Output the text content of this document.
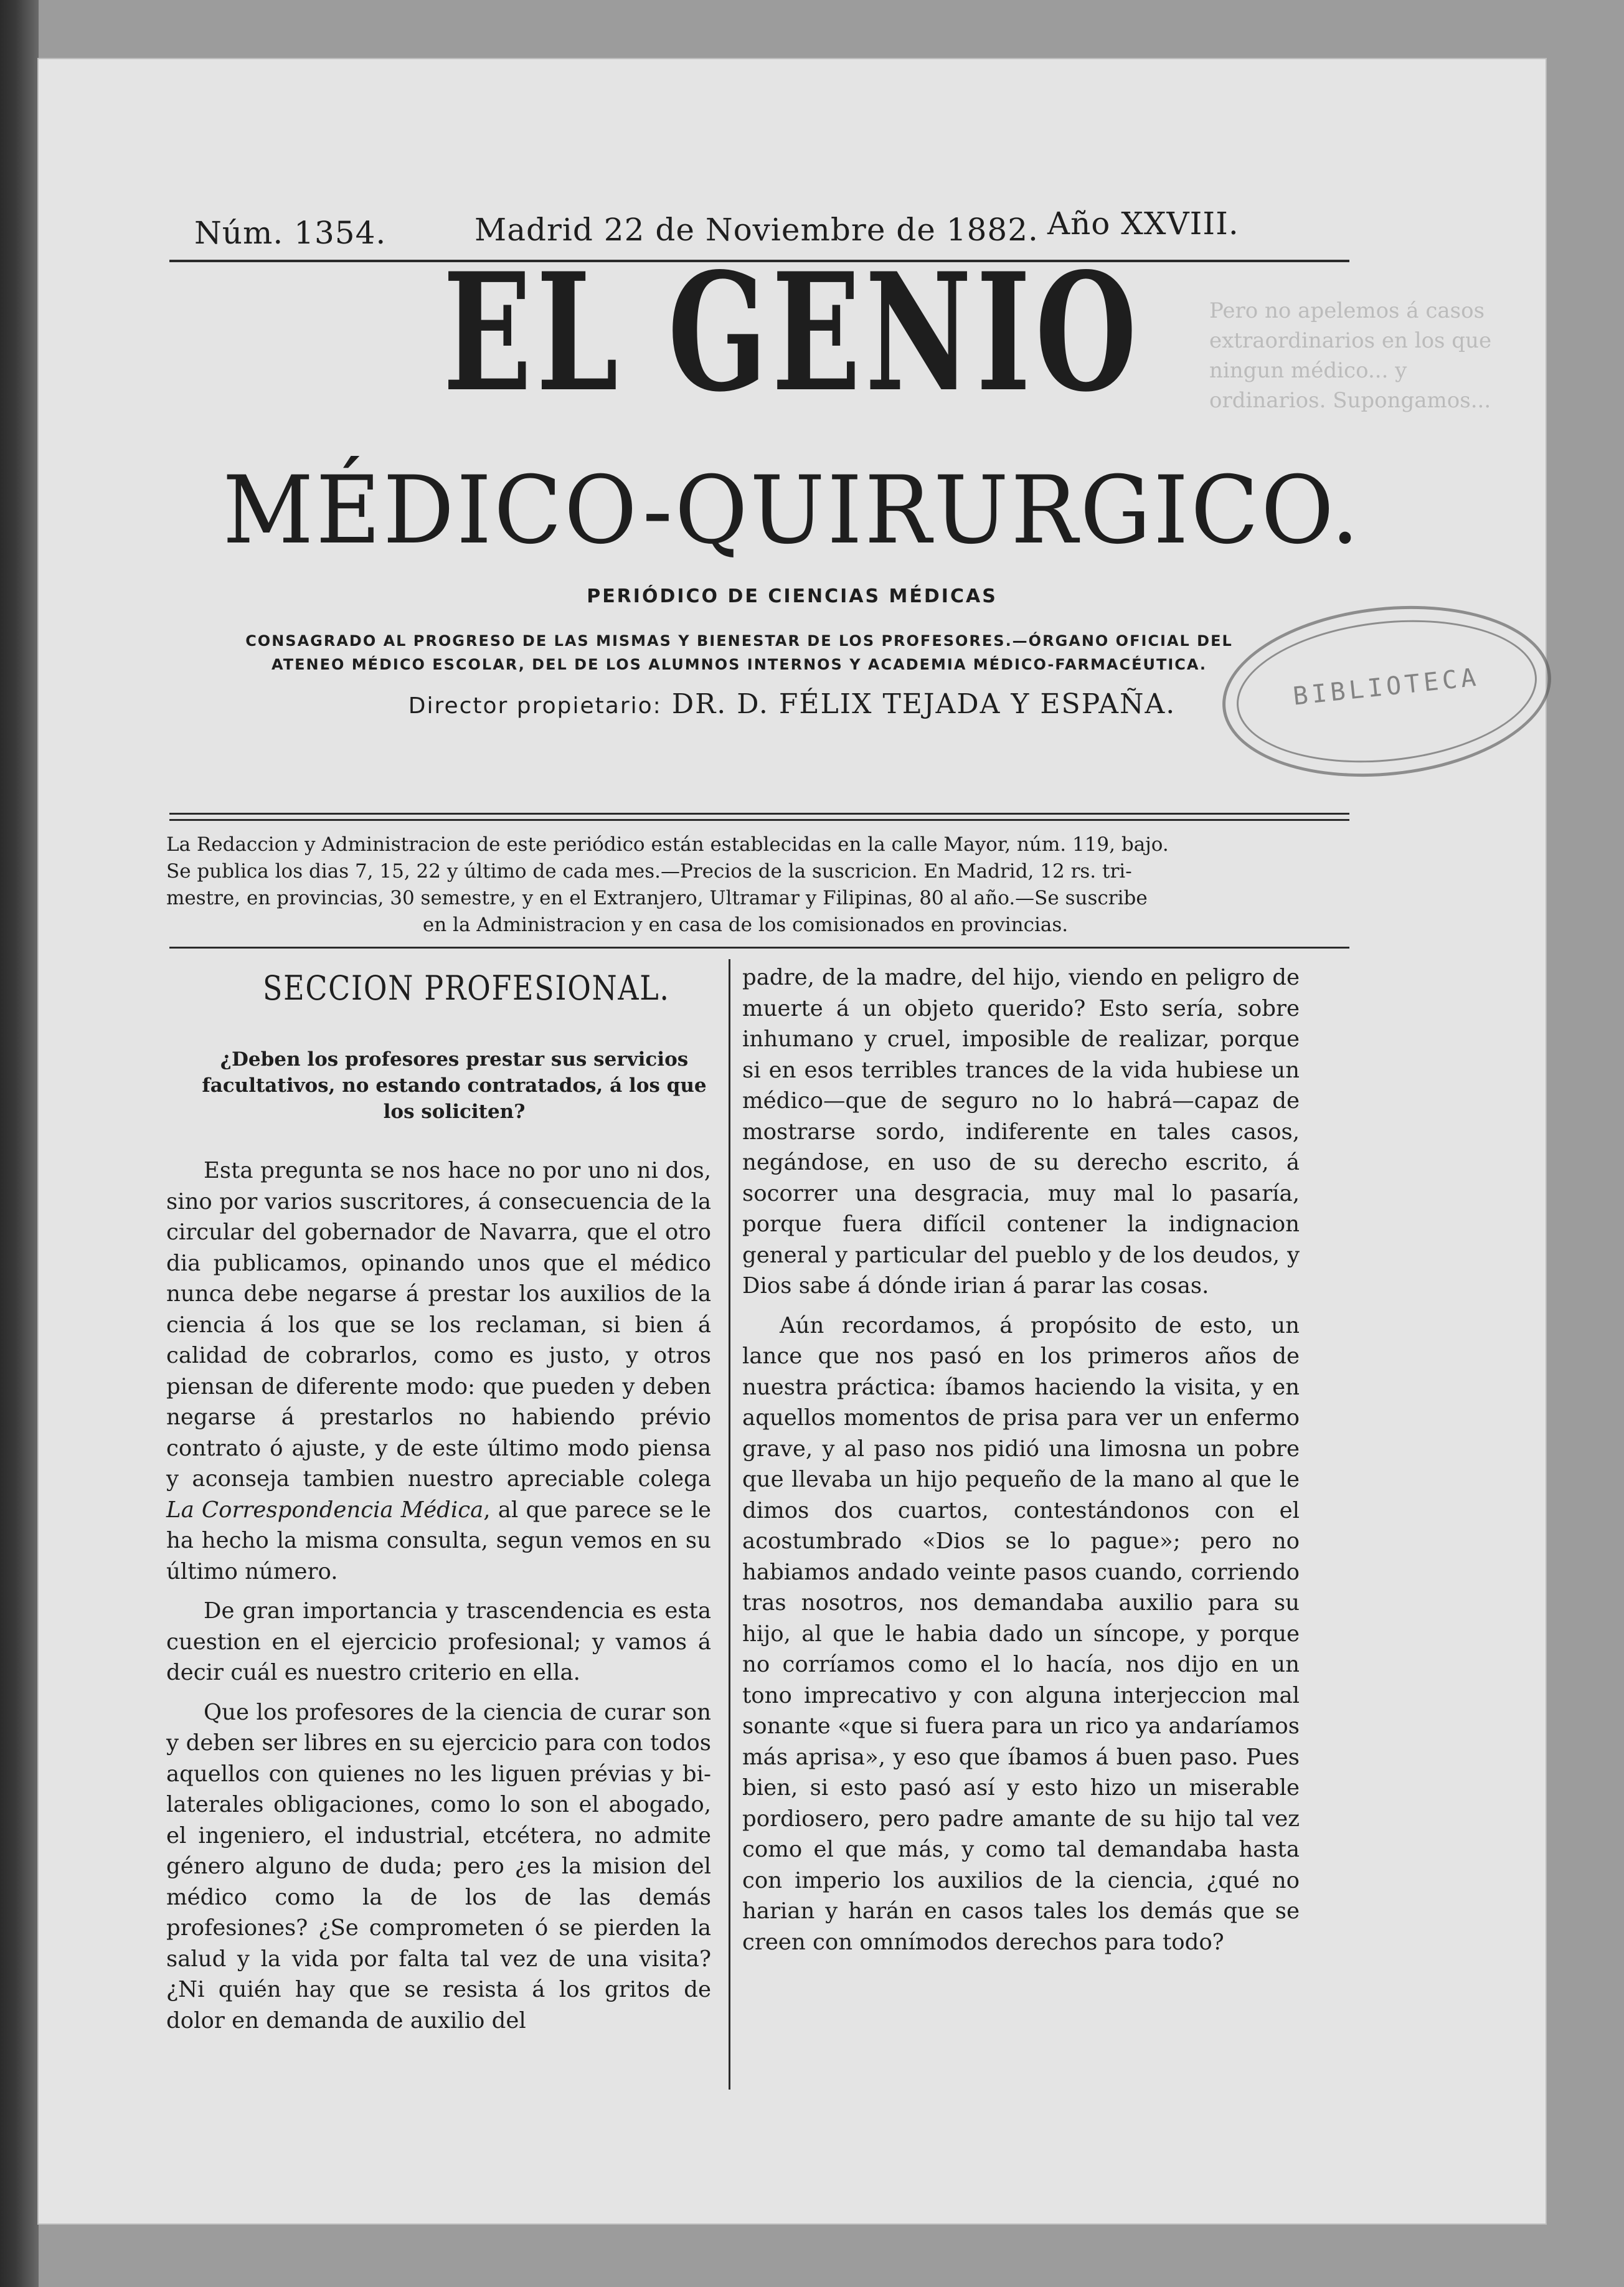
Pero no apelemos á casos extraordinarios en los que ningun médico... y ordinarios. Supongamos...
Núm. 1354.	Madrid 22 de Noviembre de 1882. Año XXVIII.
EL GENIO
MÉDICO-QUIRURGICO.
PERIÓDICO DE CIENCIAS MÉDICAS
CONSAGRADO AL PROGRESO DE LAS MISMAS Y BIENESTAR DE LOS PROFESORES.—ÓRGANO OFICIAL DEL
ATENEO MÉDICO ESCOLAR, DEL DE LOS ALUMNOS INTERNOS Y ACADEMIA MÉDICO-FARMACÉUTICA.
Director propietario: DR. D. FÉLIX TEJADA Y ESPAÑA.	BIBLIOTECA

La Redaccion y Administracion de este periódico están establecidas en la calle Mayor, núm. 119, bajo.

Se publica los dias 7, 15, 22 y último de cada mes.—Precios de la suscricion. En Madrid, 12 rs. tri-

mestre, en provincias, 30 semestre, y en el Extranjero, Ultramar y Filipinas, 80 al año.—Se suscribe

en la Administracion y en casa de los comisionados en provincias.

SECCION PROFESIONAL.
¿Deben los profesores prestar sus servicios
facultativos, no estando contratados, á los que
los soliciten?

Esta pregunta se nos hace no por uno ni dos, sino por varios suscritores, á consecuencia de la circular del gobernador de Navarra, que el otro dia publicamos, opinando unos que el médico nunca debe negarse á prestar los auxilios de la ciencia á los que se los reclaman, si bien á calidad de cobrarlos, como es justo, y otros piensan de diferente modo: que pueden y deben negarse á prestarlos no habiendo prévio contrato ó ajuste, y de este último modo piensa y aconseja tambien nuestro apreciable colega La Correspondencia Médica, al que parece se le ha hecho la misma consulta, segun vemos en su último número.

De gran importancia y trascendencia es esta cuestion en el ejercicio profesional; y vamos á decir cuál es nuestro criterio en ella.

Que los profesores de la ciencia de curar son y deben ser libres en su ejercicio para con todos aquellos con quienes no les liguen prévias y bi-laterales obligaciones, como lo son el abogado, el ingeniero, el industrial, etcétera, no admite género alguno de duda; pero ¿es la mision del médico como la de los de las demás profesiones? ¿Se comprometen ó se pierden la salud y la vida por falta tal vez de una visita? ¿Ni quién hay que se resista á los gritos de dolor en demanda de auxilio del

padre, de la madre, del hijo, viendo en peligro de muerte á un objeto querido? Esto sería, sobre inhumano y cruel, imposible de realizar, porque si en esos terribles trances de la vida hubiese un médico—que de seguro no lo habrá—capaz de mostrarse sordo, indiferente en tales casos, negándose, en uso de su derecho escrito, á socorrer una desgracia, muy mal lo pasaría, porque fuera difícil contener la indignacion general y particular del pueblo y de los deudos, y Dios sabe á dónde irian á parar las cosas.

Aún recordamos, á propósito de esto, un lance que nos pasó en los primeros años de nuestra práctica: íbamos haciendo la visita, y en aquellos momentos de prisa para ver un enfermo grave, y al paso nos pidió una limosna un pobre que llevaba un hijo pequeño de la mano al que le dimos dos cuartos, contestándonos con el acostumbrado «Dios se lo pague»; pero no habiamos andado veinte pasos cuando, corriendo tras nosotros, nos demandaba auxilio para su hijo, al que le habia dado un síncope, y porque no corríamos como el lo hacía, nos dijo en un tono imprecativo y con alguna interjeccion mal sonante «que si fuera para un rico ya andaríamos más aprisa», y eso que íbamos á buen paso. Pues bien, si esto pasó así y esto hizo un miserable pordiosero, pero padre amante de su hijo tal vez como el que más, y como tal demandaba hasta con imperio los auxilios de la ciencia, ¿qué no harian y harán en casos tales los demás que se creen con omnímodos derechos para todo?
